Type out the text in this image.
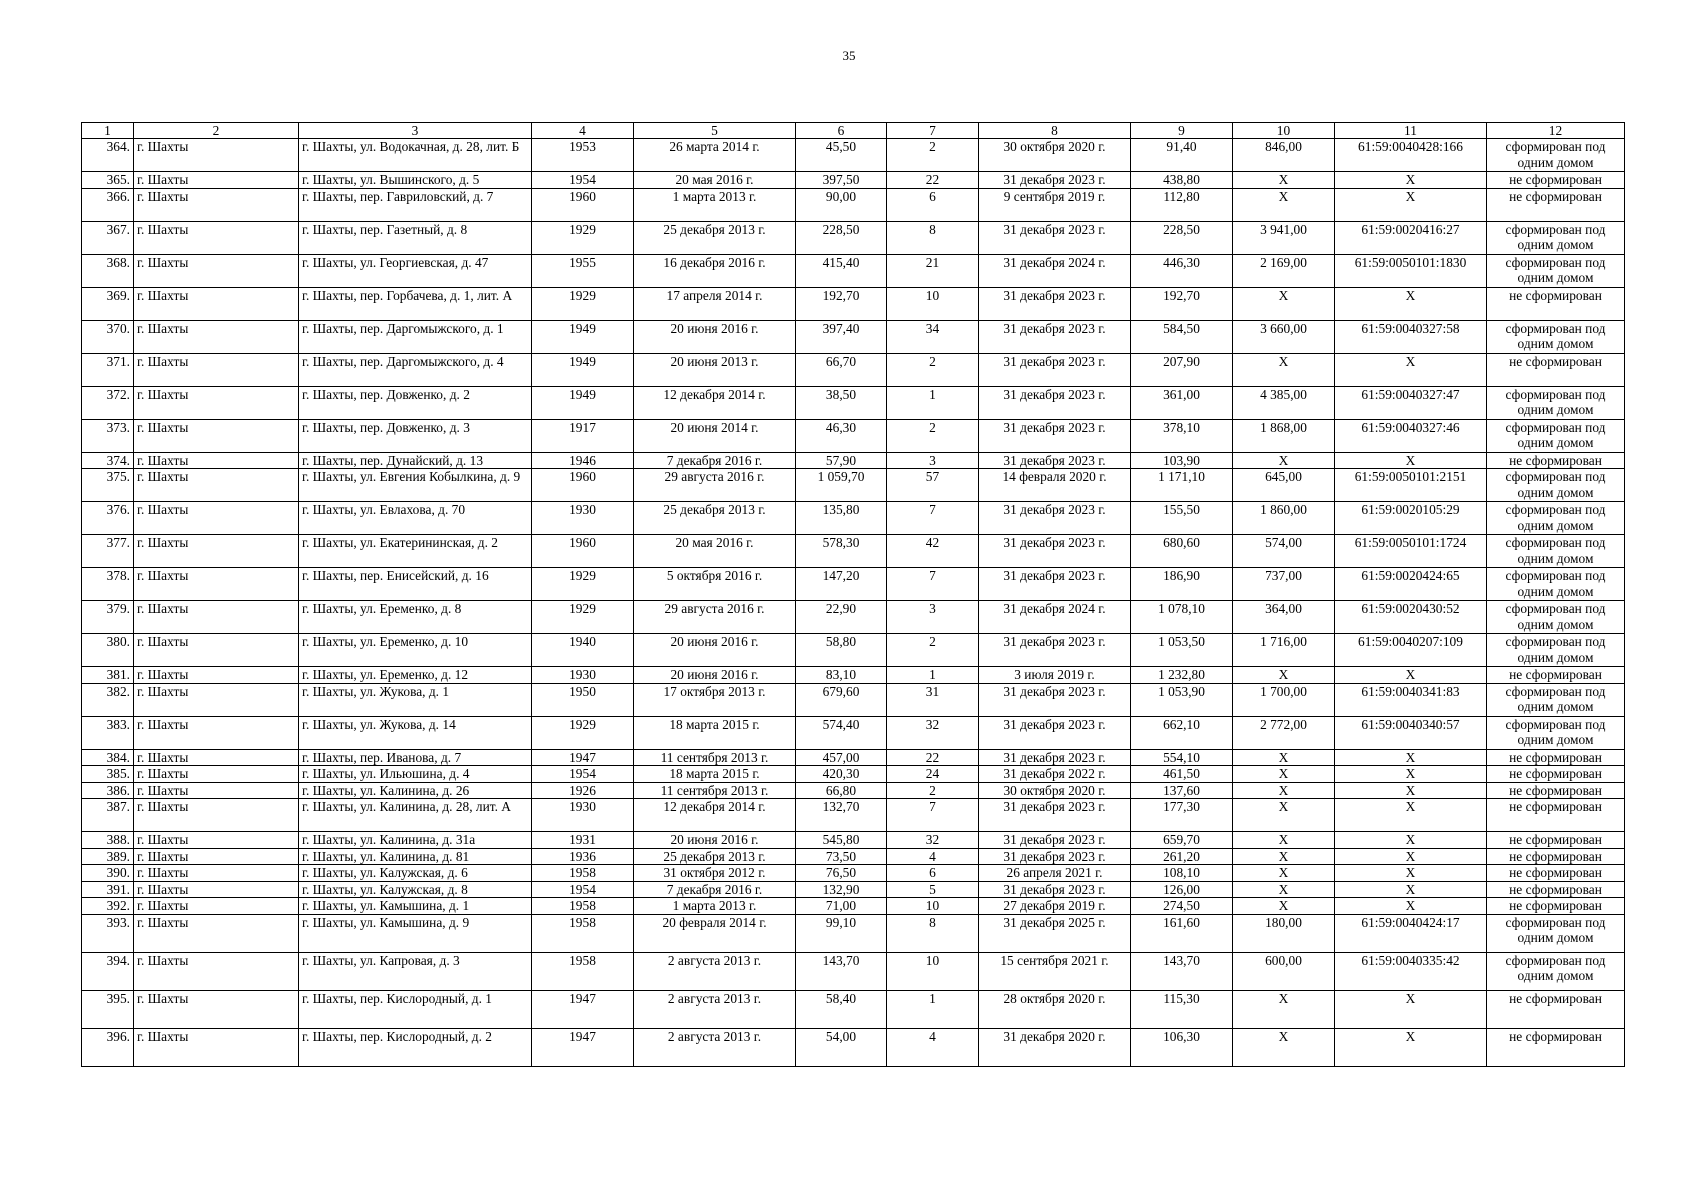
35
1	2	3	4	5	6	7	8	9	10	11	12
364.	г. Шахты	г. Шахты, ул. Водокачная, д. 28, лит. Б	1953	26 марта 2014 г.	45,50	2	30 октября 2020 г.	91,40	846,00	61:59:0040428:166	сформирован под одним домом
365.	г. Шахты	г. Шахты, ул. Вышинского, д. 5	1954	20 мая 2016 г.	397,50	22	31 декабря 2023 г.	438,80	X	X	не сформирован
366.	г. Шахты	г. Шахты, пер. Гавриловский, д. 7	1960	1 марта 2013 г.	90,00	6	9 сентября 2019 г.	112,80	X	X	не сформирован
367.	г. Шахты	г. Шахты, пер. Газетный, д. 8	1929	25 декабря 2013 г.	228,50	8	31 декабря 2023 г.	228,50	3 941,00	61:59:0020416:27	сформирован под одним домом
368.	г. Шахты	г. Шахты, ул. Георгиевская, д. 47	1955	16 декабря 2016 г.	415,40	21	31 декабря 2024 г.	446,30	2 169,00	61:59:0050101:1830	сформирован под одним домом
369.	г. Шахты	г. Шахты, пер. Горбачева, д. 1, лит. А	1929	17 апреля 2014 г.	192,70	10	31 декабря 2023 г.	192,70	X	X	не сформирован
370.	г. Шахты	г. Шахты, пер. Даргомыжского, д. 1	1949	20 июня 2016 г.	397,40	34	31 декабря 2023 г.	584,50	3 660,00	61:59:0040327:58	сформирован под одним домом
371.	г. Шахты	г. Шахты, пер. Даргомыжского, д. 4	1949	20 июня 2013 г.	66,70	2	31 декабря 2023 г.	207,90	X	X	не сформирован
372.	г. Шахты	г. Шахты, пер. Довженко, д. 2	1949	12 декабря 2014 г.	38,50	1	31 декабря 2023 г.	361,00	4 385,00	61:59:0040327:47	сформирован под одним домом
373.	г. Шахты	г. Шахты, пер. Довженко, д. 3	1917	20 июня 2014 г.	46,30	2	31 декабря 2023 г.	378,10	1 868,00	61:59:0040327:46	сформирован под одним домом
374.	г. Шахты	г. Шахты, пер. Дунайский, д. 13	1946	7 декабря 2016 г.	57,90	3	31 декабря 2023 г.	103,90	X	X	не сформирован
375.	г. Шахты	г. Шахты, ул. Евгения Кобылкина, д. 9	1960	29 августа 2016 г.	1 059,70	57	14 февраля 2020 г.	1 171,10	645,00	61:59:0050101:2151	сформирован под одним домом
376.	г. Шахты	г. Шахты, ул. Евлахова, д. 70	1930	25 декабря 2013 г.	135,80	7	31 декабря 2023 г.	155,50	1 860,00	61:59:0020105:29	сформирован под одним домом
377.	г. Шахты	г. Шахты, ул. Екатерининская, д. 2	1960	20 мая 2016 г.	578,30	42	31 декабря 2023 г.	680,60	574,00	61:59:0050101:1724	сформирован под одним домом
378.	г. Шахты	г. Шахты, пер. Енисейский, д. 16	1929	5 октября 2016 г.	147,20	7	31 декабря 2023 г.	186,90	737,00	61:59:0020424:65	сформирован под одним домом
379.	г. Шахты	г. Шахты, ул. Еременко, д. 8	1929	29 августа 2016 г.	22,90	3	31 декабря 2024 г.	1 078,10	364,00	61:59:0020430:52	сформирован под одним домом
380.	г. Шахты	г. Шахты, ул. Еременко, д. 10	1940	20 июня 2016 г.	58,80	2	31 декабря 2023 г.	1 053,50	1 716,00	61:59:0040207:109	сформирован под одним домом
381.	г. Шахты	г. Шахты, ул. Еременко, д. 12	1930	20 июня 2016 г.	83,10	1	3 июля 2019 г.	1 232,80	X	X	не сформирован
382.	г. Шахты	г. Шахты, ул. Жукова, д. 1	1950	17 октября 2013 г.	679,60	31	31 декабря 2023 г.	1 053,90	1 700,00	61:59:0040341:83	сформирован под одним домом
383.	г. Шахты	г. Шахты, ул. Жукова, д. 14	1929	18 марта 2015 г.	574,40	32	31 декабря 2023 г.	662,10	2 772,00	61:59:0040340:57	сформирован под одним домом
384.	г. Шахты	г. Шахты, пер. Иванова, д. 7	1947	11 сентября 2013 г.	457,00	22	31 декабря 2023 г.	554,10	X	X	не сформирован
385.	г. Шахты	г. Шахты, ул. Ильюшина, д. 4	1954	18 марта 2015 г.	420,30	24	31 декабря 2022 г.	461,50	X	X	не сформирован
386.	г. Шахты	г. Шахты, ул. Калинина, д. 26	1926	11 сентября 2013 г.	66,80	2	30 октября 2020 г.	137,60	X	X	не сформирован
387.	г. Шахты	г. Шахты, ул. Калинина, д. 28, лит. А	1930	12 декабря 2014 г.	132,70	7	31 декабря 2023 г.	177,30	X	X	не сформирован
388.	г. Шахты	г. Шахты, ул. Калинина, д. 31а	1931	20 июня 2016 г.	545,80	32	31 декабря 2023 г.	659,70	X	X	не сформирован
389.	г. Шахты	г. Шахты, ул. Калинина, д. 81	1936	25 декабря 2013 г.	73,50	4	31 декабря 2023 г.	261,20	X	X	не сформирован
390.	г. Шахты	г. Шахты, ул. Калужская, д. 6	1958	31 октября 2012 г.	76,50	6	26 апреля 2021 г.	108,10	X	X	не сформирован
391.	г. Шахты	г. Шахты, ул. Калужская, д. 8	1954	7 декабря 2016 г.	132,90	5	31 декабря 2023 г.	126,00	X	X	не сформирован
392.	г. Шахты	г. Шахты, ул. Камышина, д. 1	1958	1 марта 2013 г.	71,00	10	27 декабря 2019 г.	274,50	X	X	не сформирован
393.	г. Шахты	г. Шахты, ул. Камышина, д. 9	1958	20 февраля 2014 г.	99,10	8	31 декабря 2025 г.	161,60	180,00	61:59:0040424:17	сформирован под одним домом
394.	г. Шахты	г. Шахты, ул. Капровая, д. 3	1958	2 августа 2013 г.	143,70	10	15 сентября 2021 г.	143,70	600,00	61:59:0040335:42	сформирован под одним домом
395.	г. Шахты	г. Шахты, пер. Кислородный, д. 1	1947	2 августа 2013 г.	58,40	1	28 октября 2020 г.	115,30	X	X	не сформирован
396.	г. Шахты	г. Шахты, пер. Кислородный, д. 2	1947	2 августа 2013 г.	54,00	4	31 декабря 2020 г.	106,30	X	X	не сформирован
